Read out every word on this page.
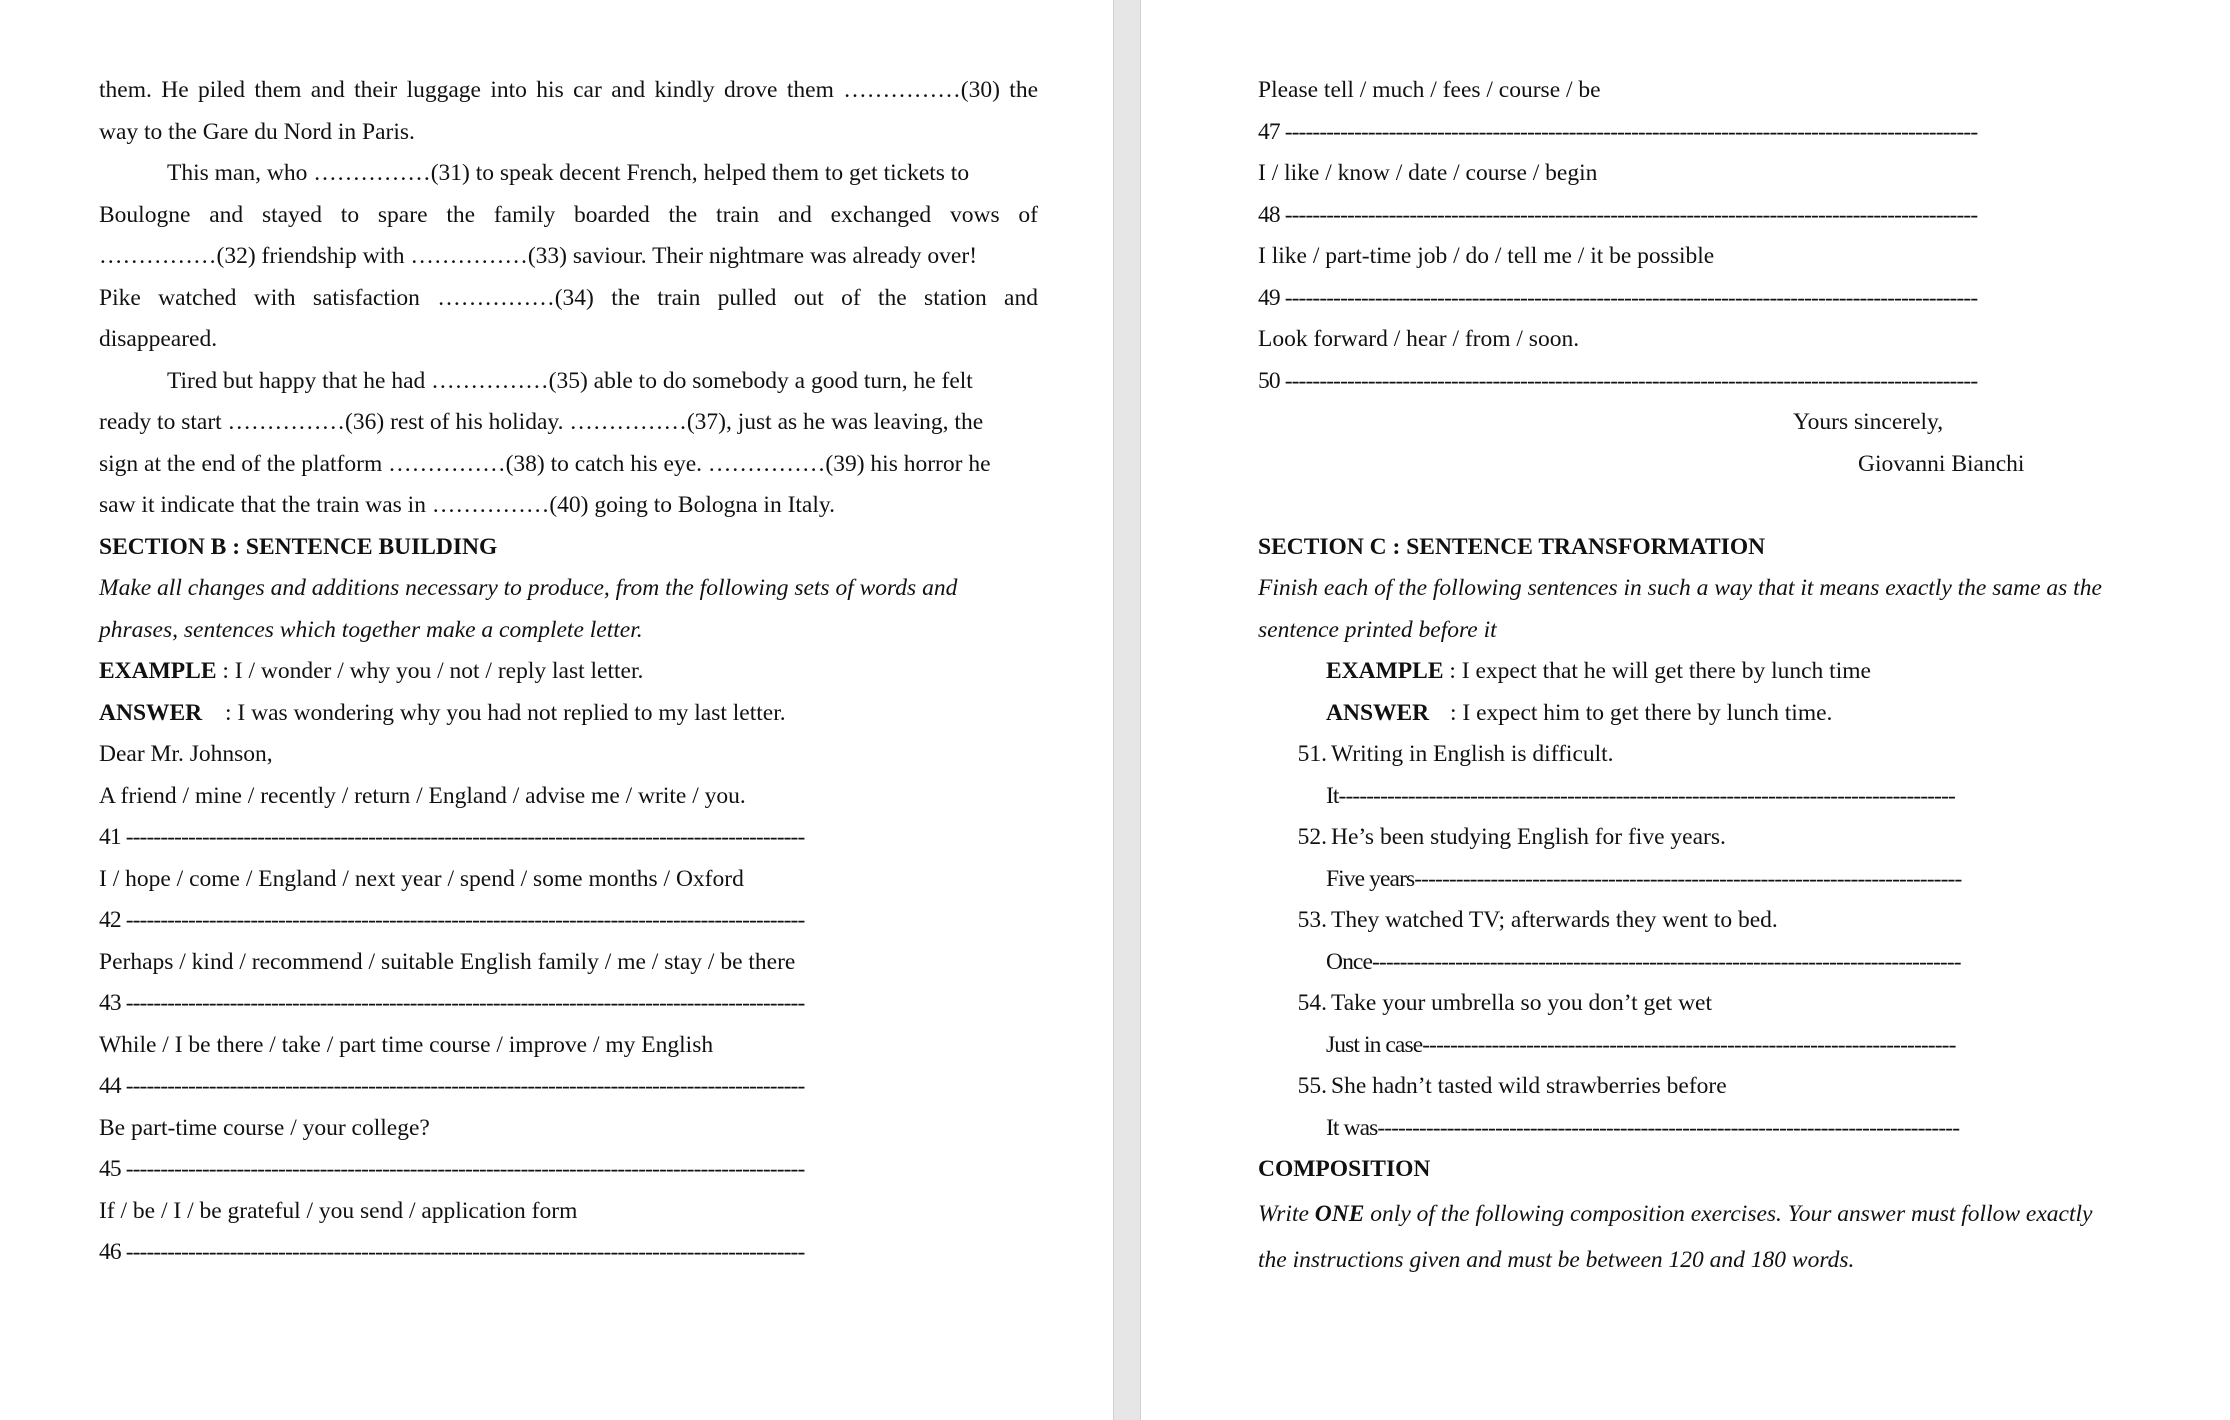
them. He piled them and their luggage into his car and kindly drove them ……………(30) the
way to the Gare du Nord in Paris.
This man, who ……………(31) to speak decent French, helped them to get tickets to
Boulogne and stayed to spare the family boarded the train and exchanged vows of
……………(32) friendship with ……………(33) saviour. Their nightmare was already over!
Pike watched with satisfaction ……………(34) the train pulled out of the station and
disappeared.
Tired but happy that he had ……………(35) able to do somebody a good turn, he felt
ready to start ……………(36) rest of his holiday. ……………(37), just as he was leaving, the
sign at the end of the platform ……………(38) to catch his eye. ……………(39) his horror he
saw it indicate that the train was in ……………(40) going to Bologna in Italy.
SECTION B : SENTENCE BUILDING
Make all changes and additions necessary to produce, from the following sets of words and
phrases, sentences which together make a complete letter.
EXAMPLE : I / wonder / why you / not / reply last letter.
ANSWER : I was wondering why you had not replied to my last letter.
Dear Mr. Johnson,
A friend / mine / recently / return / England / advise me / write / you.
41 --------------------------------------------------------------------------------------------------
I / hope / come / England / next year / spend / some months / Oxford
42 --------------------------------------------------------------------------------------------------
Perhaps / kind / recommend / suitable English family / me / stay / be there
43 --------------------------------------------------------------------------------------------------
While / I be there / take / part time course / improve / my English
44 --------------------------------------------------------------------------------------------------
Be part-time course / your college?
45 --------------------------------------------------------------------------------------------------
If / be / I / be grateful / you send / application form
46 --------------------------------------------------------------------------------------------------
Please tell / much / fees / course / be
47 ----------------------------------------------------------------------------------------------------
I / like / know / date / course / begin
48 ----------------------------------------------------------------------------------------------------
I like / part-time job / do / tell me / it be possible
49 ----------------------------------------------------------------------------------------------------
Look forward / hear / from / soon.
50 ----------------------------------------------------------------------------------------------------
Yours sincerely,
Giovanni Bianchi
SECTION C : SENTENCE TRANSFORMATION
Finish each of the following sentences in such a way that it means exactly the same as the
sentence printed before it
EXAMPLE : I expect that he will get there by lunch time
ANSWER : I expect him to get there by lunch time.
51. Writing in English is difficult.
It-----------------------------------------------------------------------------------------
52. He’s been studying English for five years.
Five years-------------------------------------------------------------------------------
53. They watched TV; afterwards they went to bed.
Once-------------------------------------------------------------------------------------
54. Take your umbrella so you don’t get wet
Just in case-----------------------------------------------------------------------------
55. She hadn’t tasted wild strawberries before
It was------------------------------------------------------------------------------------
COMPOSITION
Write ONE only of the following composition exercises. Your answer must follow exactly
the instructions given and must be between 120 and 180 words.
